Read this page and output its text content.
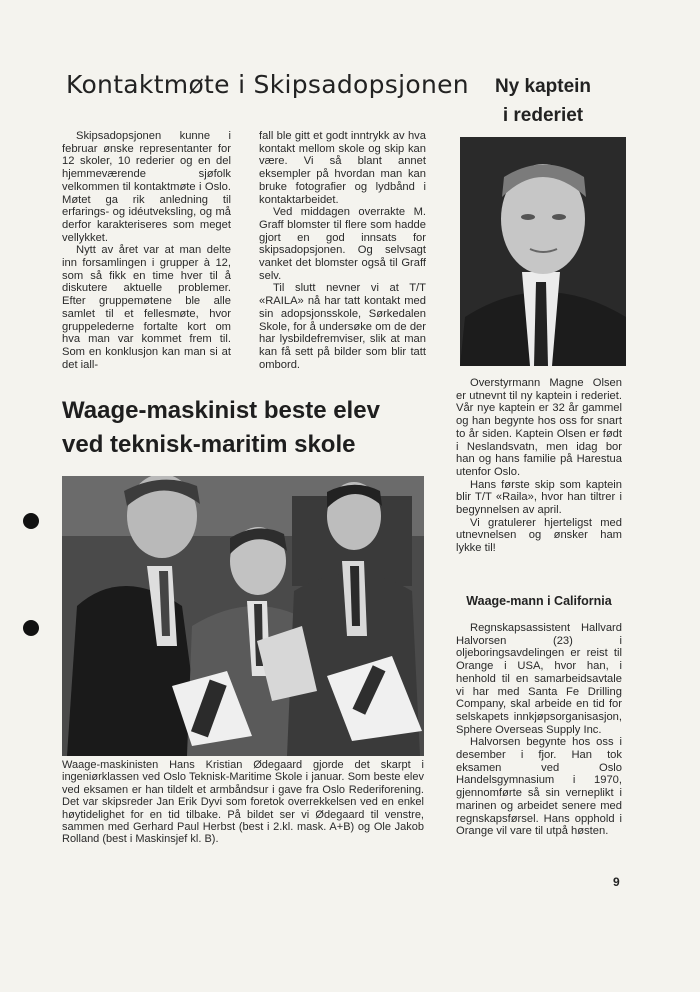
Kontaktmøte i Skipsadopsjonen

Skipsadopsjonen kunne i februar ønske representanter for 12 skoler, 10 rederier og en del hjemmeværende sjøfolk velkommen til kontaktmøte i Oslo. Møtet ga rik anledning til erfarings- og idéutveksling, og må derfor karakteriseres som meget vellykket.

Nytt av året var at man delte inn forsamlingen i grupper à 12, som så fikk en time hver til å diskutere aktuelle problemer. Efter gruppemøtene ble alle samlet til et fellesmøte, hvor gruppelederne fortalte kort om hva man var kommet frem til. Som en konklusjon kan man si at det iall-

fall ble gitt et godt inntrykk av hva kontakt mellom skole og skip kan være. Vi så blant annet eksempler på hvordan man kan bruke fotografier og lydbånd i kontaktarbeidet.

Ved middagen overrakte M. Graff blomster til flere som hadde gjort en god innsats for skipsadopsjonen. Og selvsagt vanket det blomster også til Graff selv.

Til slutt nevner vi at T/T «RAILA» nå har tatt kontakt med sin adopsjonsskole, Sørkedalen Skole, for å undersøke om de der har lysbildefremviser, slik at man kan få sett på bilder som blir tatt ombord.

Waage-maskinist beste elev
ved teknisk-maritim skole
Waage-maskinisten Hans Kristian Ødegaard gjorde det skarpt i ingeniørklassen ved Oslo Teknisk-Maritime Skole i januar. Som beste elev ved eksamen er han tildelt et armbåndsur i gave fra Oslo Rederiforening. Det var skipsreder Jan Erik Dyvi som foretok overrekkelsen ved en enkel høytidelighet for en tid tilbake. På bildet ser vi Ødegaard til venstre, sammen med Gerhard Paul Herbst (best i 2.kl. mask. A+B) og Ole Jakob Rolland (best i Maskinsjef kl. B).
Ny kaptein
i rederiet

Overstyrmann Magne Olsen er utnevnt til ny kaptein i rederiet. Vår nye kaptein er 32 år gammel og han begynte hos oss for snart to år siden. Kaptein Olsen er født i Neslandsvatn, men idag bor han og hans familie på Harestua utenfor Oslo.

Hans første skip som kaptein blir T/T «Raila», hvor han tiltrer i begynnelsen av april.

Vi gratulerer hjerteligst med utnevnelsen og ønsker ham lykke til!

Waage-mann i California

Regnskapsassistent Hallvard Halvorsen (23) i oljeboringsavdelingen er reist til Orange i USA, hvor han, i henhold til en samarbeidsavtale vi har med Santa Fe Drilling Company, skal arbeide en tid for selskapets innkjøpsorganisasjon, Sphere Overseas Supply Inc.

Halvorsen begynte hos oss i desember i fjor. Han tok eksamen ved Oslo Handelsgymnasium i 1970, gjennomførte så sin verneplikt i marinen og arbeidet senere med regnskapsførsel. Hans opphold i Orange vil vare til utpå høsten.

9
